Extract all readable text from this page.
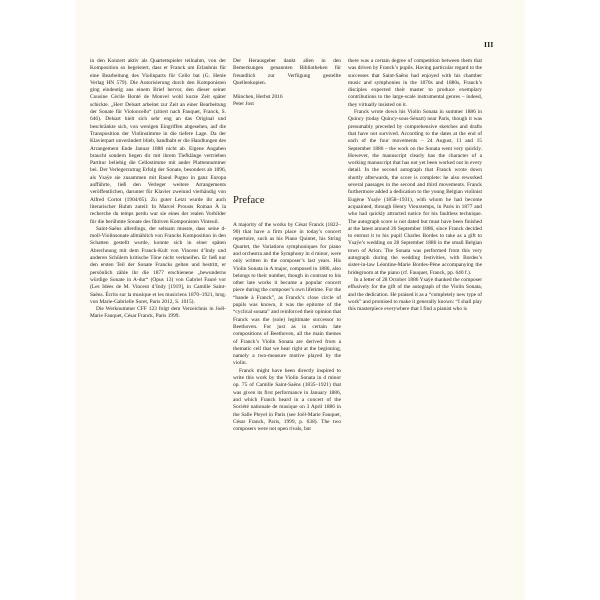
III

in den Konzert aktiv als Quartettspieler teilnahm, von der Komposition so begeistert, dass er Franck um Erlaubnis für eine Bearbeitung des Violinparts für Cello bat (G. Henle Verlag HN 579). Die Autorisierung durch den Komponisten ging eindeutig aus einem Brief hervor, den dieser seiner Cousine Cécile Bonté de Monvel wohl kurze Zeit später schickte. „Herr Delsart arbeitet zur Zeit an einer Bearbeitung der Sonate für Violoncello“ (zitiert nach Fauquet, Franck, S. 646). Delsart hielt sich sehr eng an das Original und beschränkte sich, von wenigen Eingriffen abgesehen, auf die Transposition der Violinstimme in die tiefere Lage. Da der Klavierpart unverändert blieb, handhabt er die Handlungen des Arrangement Ende Januar 1888 nicht ab. Eigene Angaben braucht sondern liegen dir mit ihrem Tiefklänge vertrieben Partitur beliebig die Cellostimme mit ander Plattennummer bei. Der Verlegerzutrag Erfolg der Sonate, besonders ab 1896, als Ysaÿe sie zusammen mit Raoul Pugno in ganz Europa aufführte, ließ den Verleger weitere Arrangements veröffentlichen, darunter für Klavier zweiund vierhändig von Alfred Cortot (1904/05). Zu guter Letzt wurde ihr auch literarischer Ruhm zuteil: In Marcel Prousts Roman À la recherche du temps perdu war sie eines der realen Vorbilder für die berühmte Sonate des fiktiven Komponisten Vinteuil.

Saint-Saëns allerdings, der seltsam musste, dass seine d-moll-Violinsonate allmählich von Francks Komposition in den Schatten gestellt wurde, konnte sich in einer späten Abrechnung mit dem Franck-Kult von Vincent d’Indy und anderen Schülern kritische Töne nicht verkneifen. Er ließ nur den ersten Teil der Sonate Francks gelten und bestritt, er persönlich zähle ihr die 1877 erschienene „bewunderns würdige Sonate in A-dur“ (Opus 13) von Gabriel Fauré vor (Les Idées de M. Vincent d’Indy [1919], in Camille Saint-Saëns. Écrits sur la musique et les musiciens 1870–1921, hrsg. von Marie-Gabrielle Soret, Paris 2012, S. 1015).

Die Werknummer CFF 123 folgt dem Verzeichnis in Joël-Marie Fauquet, César Franck, Paris 1999.

Der Herausgeber dankt allen in den Bemerkungen genannten Bibliotheken für freundlich zur Verfügung gestellte Quellenkopien.

München, Herbst 2016
Peter Jost
Preface

A majority of the works by César Franck (1822–90) that have a firm place in today’s concert repertoire, such as his Piano Quintet, his String Quartet, the Variations symphoniques for piano and orchestra and the Symphony in d minor, were only written in the composer’s last years. His Violin Sonata in A major, composed in 1886, also belongs to their number, though in contrast to his other late works it became a popular concert piece during the composer’s own lifetime. For the “bande à Franck”, as Franck’s close circle of pupils was known, it was the epitome of the “cyclical sonata” and reinforced their opinion that Franck was the (sole) legitimate successor to Beethoven. For just as in certain late compositions of Beethoven, all the main themes of Franck’s Violin Sonata are derived from a thematic cell that we hear right at the beginning, namely a two-measure motive played by the violin.

Franck might have been directly inspired to write this work by the Violin Sonata in d minor op. 75 of Camille Saint-Saëns (1835–1921) that was given its first performance in January 1886, and which Franck heard in a concert of the Société nationale de musique on 3 April 1886 in the Salle Pleyel in Paris (see Joël-Marie Fauquet, César Franck, Paris, 1999, p. 638). The two composers were not open rivals, but

there was a certain degree of competition between them that was driven by Franck’s pupils. Having particular regard to the successes that Saint-Saëns had enjoyed with his chamber music and symphonies in the 1870s and 1880s, Franck’s disciples expected their master to produce exemplary contributions to the large-scale instrumental genres – indeed, they virtually insisted on it.

Franck wrote down his Violin Sonata in summer 1886 in Quincy (today Quincy-sous-Sénart) near Paris, though it was presumably preceded by comprehensive sketches and drafts that have not survived. According to the dates at the end of each of the four movements – 24 August, 11 and 15 September 1886 – the work on the Sonata went very quickly. However, the manuscript clearly has the character of a working manuscript that has not yet been worked out in every detail. In the second autograph that Franck wrote down shortly afterwards, the score is complete: he also reworked several passages in the second and third movements. Franck furthermore added a dedication to the young Belgian violinist Eugène Ysaÿe (1858–1931), with whom he had become acquainted, through Henry Vieuxtemps, in Paris in 1877 and who had quickly attracted notice for his faultless technique. The autograph score is not dated but must have been finished at the latest around 26 September 1886, since Franck decided to entrust it to his pupil Charles Bordes to take as a gift to Ysaÿe’s wedding on 28 September 1886 in the small Belgian town of Arlon. The Sonata was performed from this very autograph during the wedding festivities, with Bordes’s sister-in-law Léontine-Marie Bordes-Pène accompanying the bridegroom at the piano (cf. Fauquet, Franck, pp. 640 f.).

In a letter of 28 October 1886 Ysaÿe thanked the composer effusively for the gift of the autograph of the Violin Sonata, and the dedication. He praised it as a “completely new type of work” and promised to make it generally known: “I shall play this masterpiece everywhere that I find a pianist who is
